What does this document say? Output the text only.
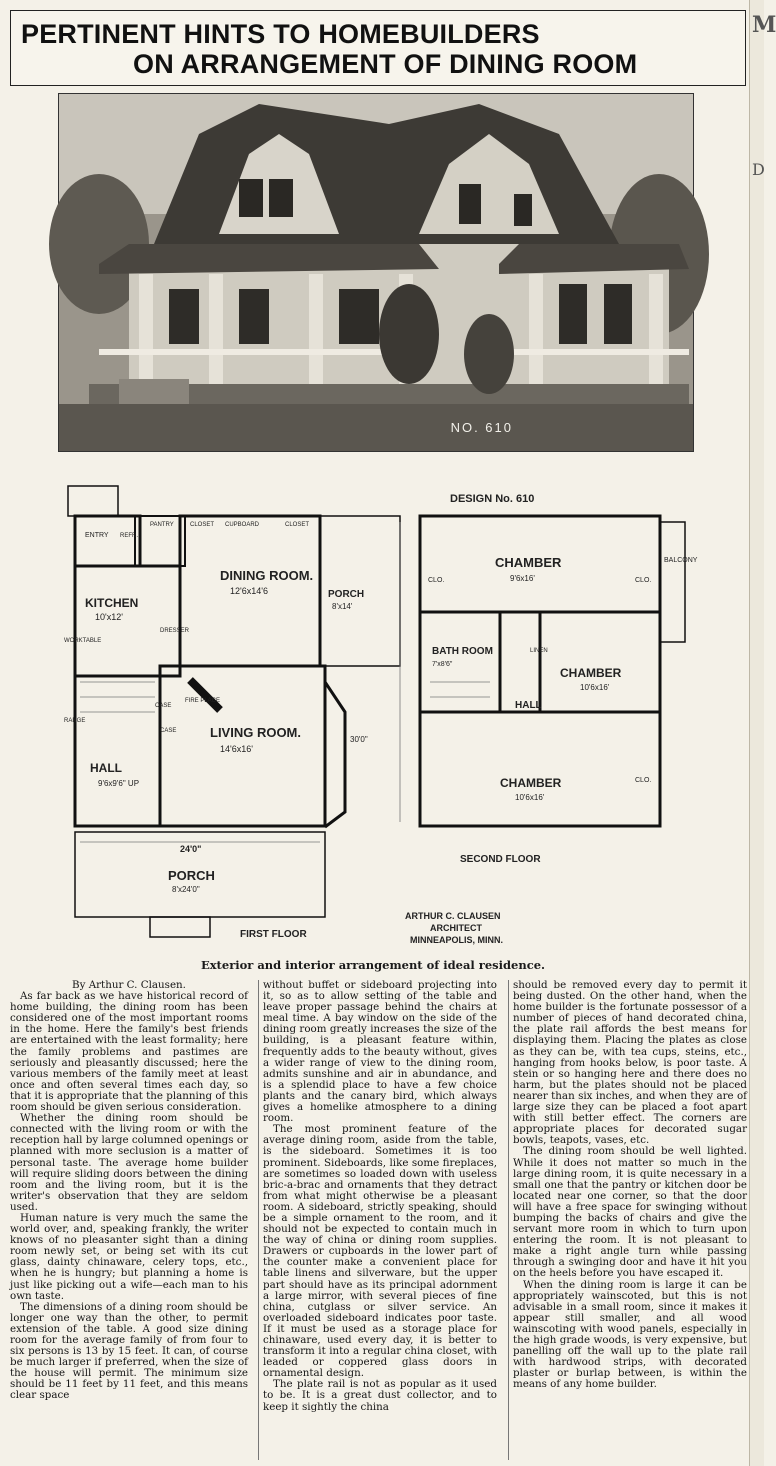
M
D
PERTINENT HINTS TO HOMEBUILDERS
ON ARRANGEMENT OF DINING ROOM
NO. 610
DESIGN No. 610
DINING ROOM.
12'6x14'6
KITCHEN
10'x12'
LIVING ROOM.
14'6x16'
HALL
9'6x9'6" UP
PORCH
8'x14'
PORCH
8'x24'0"
PANTRY	CLOSET CUPBOARD	CLOSET
ENTRY REFR.
DRESSER
CASE
FIRE PLACE
CASE
WORKTABLE
RANGE
24'0"
30'0"
FIRST FLOOR
CHAMBER
9'6x16'
CHAMBER
10'6x16'
CHAMBER
10'6x16'
BATH ROOM
7'x8'6"
HALL
CLO.	CLO.
CLO.
LINEN
BALCONY
SECOND FLOOR
ARTHUR C. CLAUSEN
ARCHITECT
MINNEAPOLIS, MINN.
Exterior and interior arrangement of ideal residence.

By Arthur C. Clausen.

As far back as we have historical record of home building, the dining room has been considered one of the most important rooms in the home. Here the family's best friends are entertained with the least formality; here the family problems and pastimes are seriously and pleasantly discussed; here the various members of the family meet at least once and often several times each day, so that it is appropriate that the planning of this room should be given serious consideration.

Whether the dining room should be connected with the living room or with the reception hall by large columned openings or planned with more seclusion is a matter of personal taste. The average home builder will require sliding doors between the dining room and the living room, but it is the writer's observation that they are seldom used.

Human nature is very much the same the world over, and, speaking frankly, the writer knows of no pleasanter sight than a dining room newly set, or being set with its cut glass, dainty chinaware, celery tops, etc., when he is hungry; but planning a home is just like picking out a wife—each man to his own taste.

The dimensions of a dining room should be longer one way than the other, to permit extension of the table. A good size dining room for the average family of from four to six persons is 13 by 15 feet. It can, of course be much larger if preferred, when the size of the house will permit. The minimum size should be 11 feet by 11 feet, and this means clear space

without buffet or sideboard projecting into it, so as to allow setting of the table and leave proper passage behind the chairs at meal time. A bay window on the side of the dining room greatly increases the size of the building, is a pleasant feature within, frequently adds to the beauty without, gives a wider range of view to the dining room, admits sunshine and air in abundance, and is a splendid place to have a few choice plants and the canary bird, which always gives a homelike atmosphere to a dining room.

The most prominent feature of the average dining room, aside from the table, is the sideboard. Sometimes it is too prominent. Sideboards, like some fireplaces, are sometimes so loaded down with useless bric-a-brac and ornaments that they detract from what might otherwise be a pleasant room. A sideboard, strictly speaking, should be a simple ornament to the room, and it should not be expected to contain much in the way of china or dining room supplies. Drawers or cupboards in the lower part of the counter make a convenient place for table linens and silverware, but the upper part should have as its principal adornment a large mirror, with several pieces of fine china, cutglass or silver service. An overloaded sideboard indicates poor taste. If it must be used as a storage place for chinaware, used every day, it is better to transform it into a regular china closet, with leaded or coppered glass doors in ornamental design.

The plate rail is not as popular as it used to be. It is a great dust collector, and to keep it sightly the china

should be removed every day to permit it being dusted. On the other hand, when the home builder is the fortunate possessor of a number of pieces of hand decorated china, the plate rail affords the best means for displaying them. Placing the plates as close as they can be, with tea cups, steins, etc., hanging from hooks below, is poor taste. A stein or so hanging here and there does no harm, but the plates should not be placed nearer than six inches, and when they are of large size they can be placed a foot apart with still better effect. The corners are appropriate places for decorated sugar bowls, teapots, vases, etc.

The dining room should be well lighted. While it does not matter so much in the large dining room, it is quite necessary in a small one that the pantry or kitchen door be located near one corner, so that the door will have a free space for swinging without bumping the backs of chairs and give the servant more room in which to turn upon entering the room. It is not pleasant to make a right angle turn while passing through a swinging door and have it hit you on the heels before you have escaped it.

When the dining room is large it can be appropriately wainscoted, but this is not advisable in a small room, since it makes it appear still smaller, and all wood wainscoting with wood panels, especially in the high grade woods, is very expensive, but panelling off the wall up to the plate rail with hardwood strips, with decorated plaster or burlap between, is within the means of any home builder.
